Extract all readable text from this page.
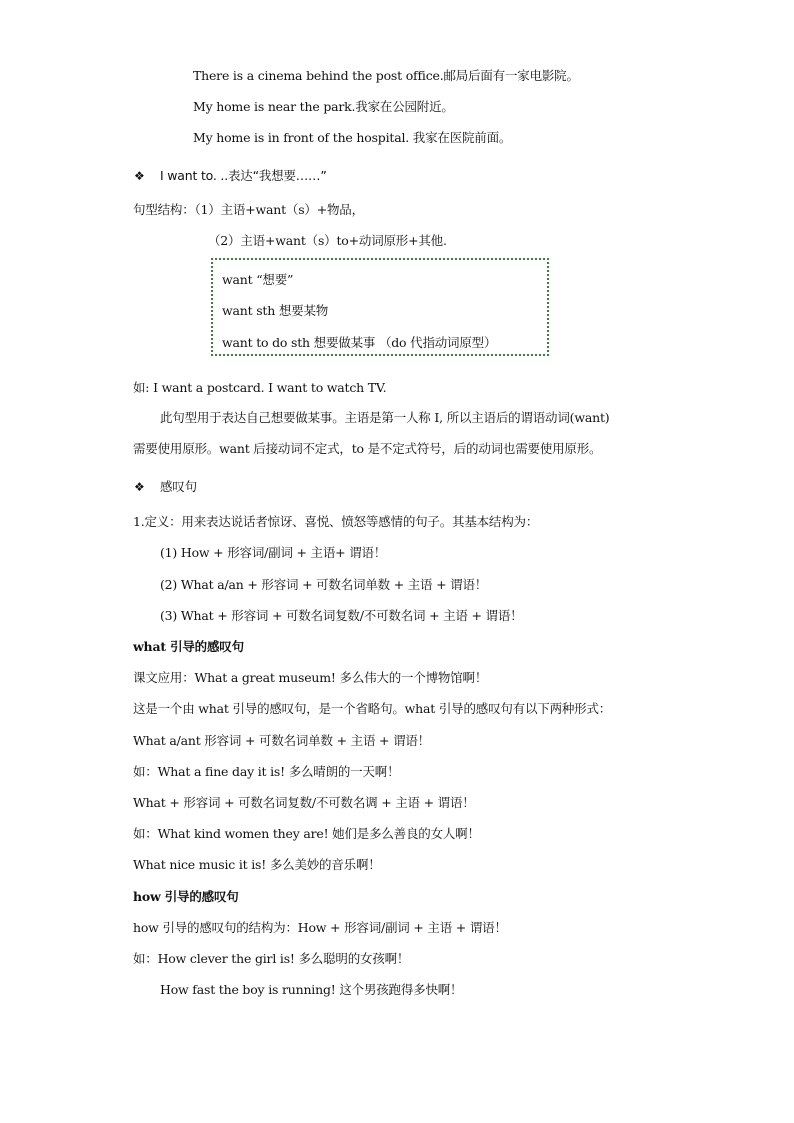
There is a cinema behind the post office.邮局后面有一家电影院。
My home is near the park.我家在公园附近。
My home is in front of the hospital. 我家在医院前面。
❖ I want to. ..表达“我想要……”
句型结构：（1）主语+want（s）+物品，
（2）主语+want（s）to+动词原形+其他.
want “想要”
want sth 想要某物
want to do sth 想要做某事 （do 代指动词原型）
如: I want a postcard. I want to watch TV.
此句型用于表达自己想要做某事。主语是第一人称 I, 所以主语后的谓语动词(want)
需要使用原形。want 后接动词不定式，to 是不定式符号，后的动词也需要使用原形。
❖ 感叹句
1.定义：用来表达说话者惊讶、喜悦、愤怒等感情的句子。其基本结构为：
(1) How + 形容词/副词 + 主语+ 谓语！
(2) What a/an + 形容词 + 可数名词单数 + 主语 + 谓语！
(3) What + 形容词 + 可数名词复数/不可数名词 + 主语 + 谓语！
what 引导的感叹句
课文应用：What a great museum! 多么伟大的一个博物馆啊！
这是一个由 what 引导的感叹句，是一个省略句。what 引导的感叹句有以下两种形式：
What a/ant 形容词 + 可数名词单数 + 主语 + 谓语！
如：What a fine day it is! 多么晴朗的一天啊！
What + 形容词 + 可数名词复数/不可数名调 + 主语 + 谓语！
如：What kind women they are! 她们是多么善良的女人啊！
What nice music it is! 多么美妙的音乐啊！
how 引导的感叹句
how 引导的感叹句的结构为：How + 形容词/副词 + 主语 + 谓语！
如：How clever the girl is! 多么聪明的女孩啊！
How fast the boy is running! 这个男孩跑得多快啊！
